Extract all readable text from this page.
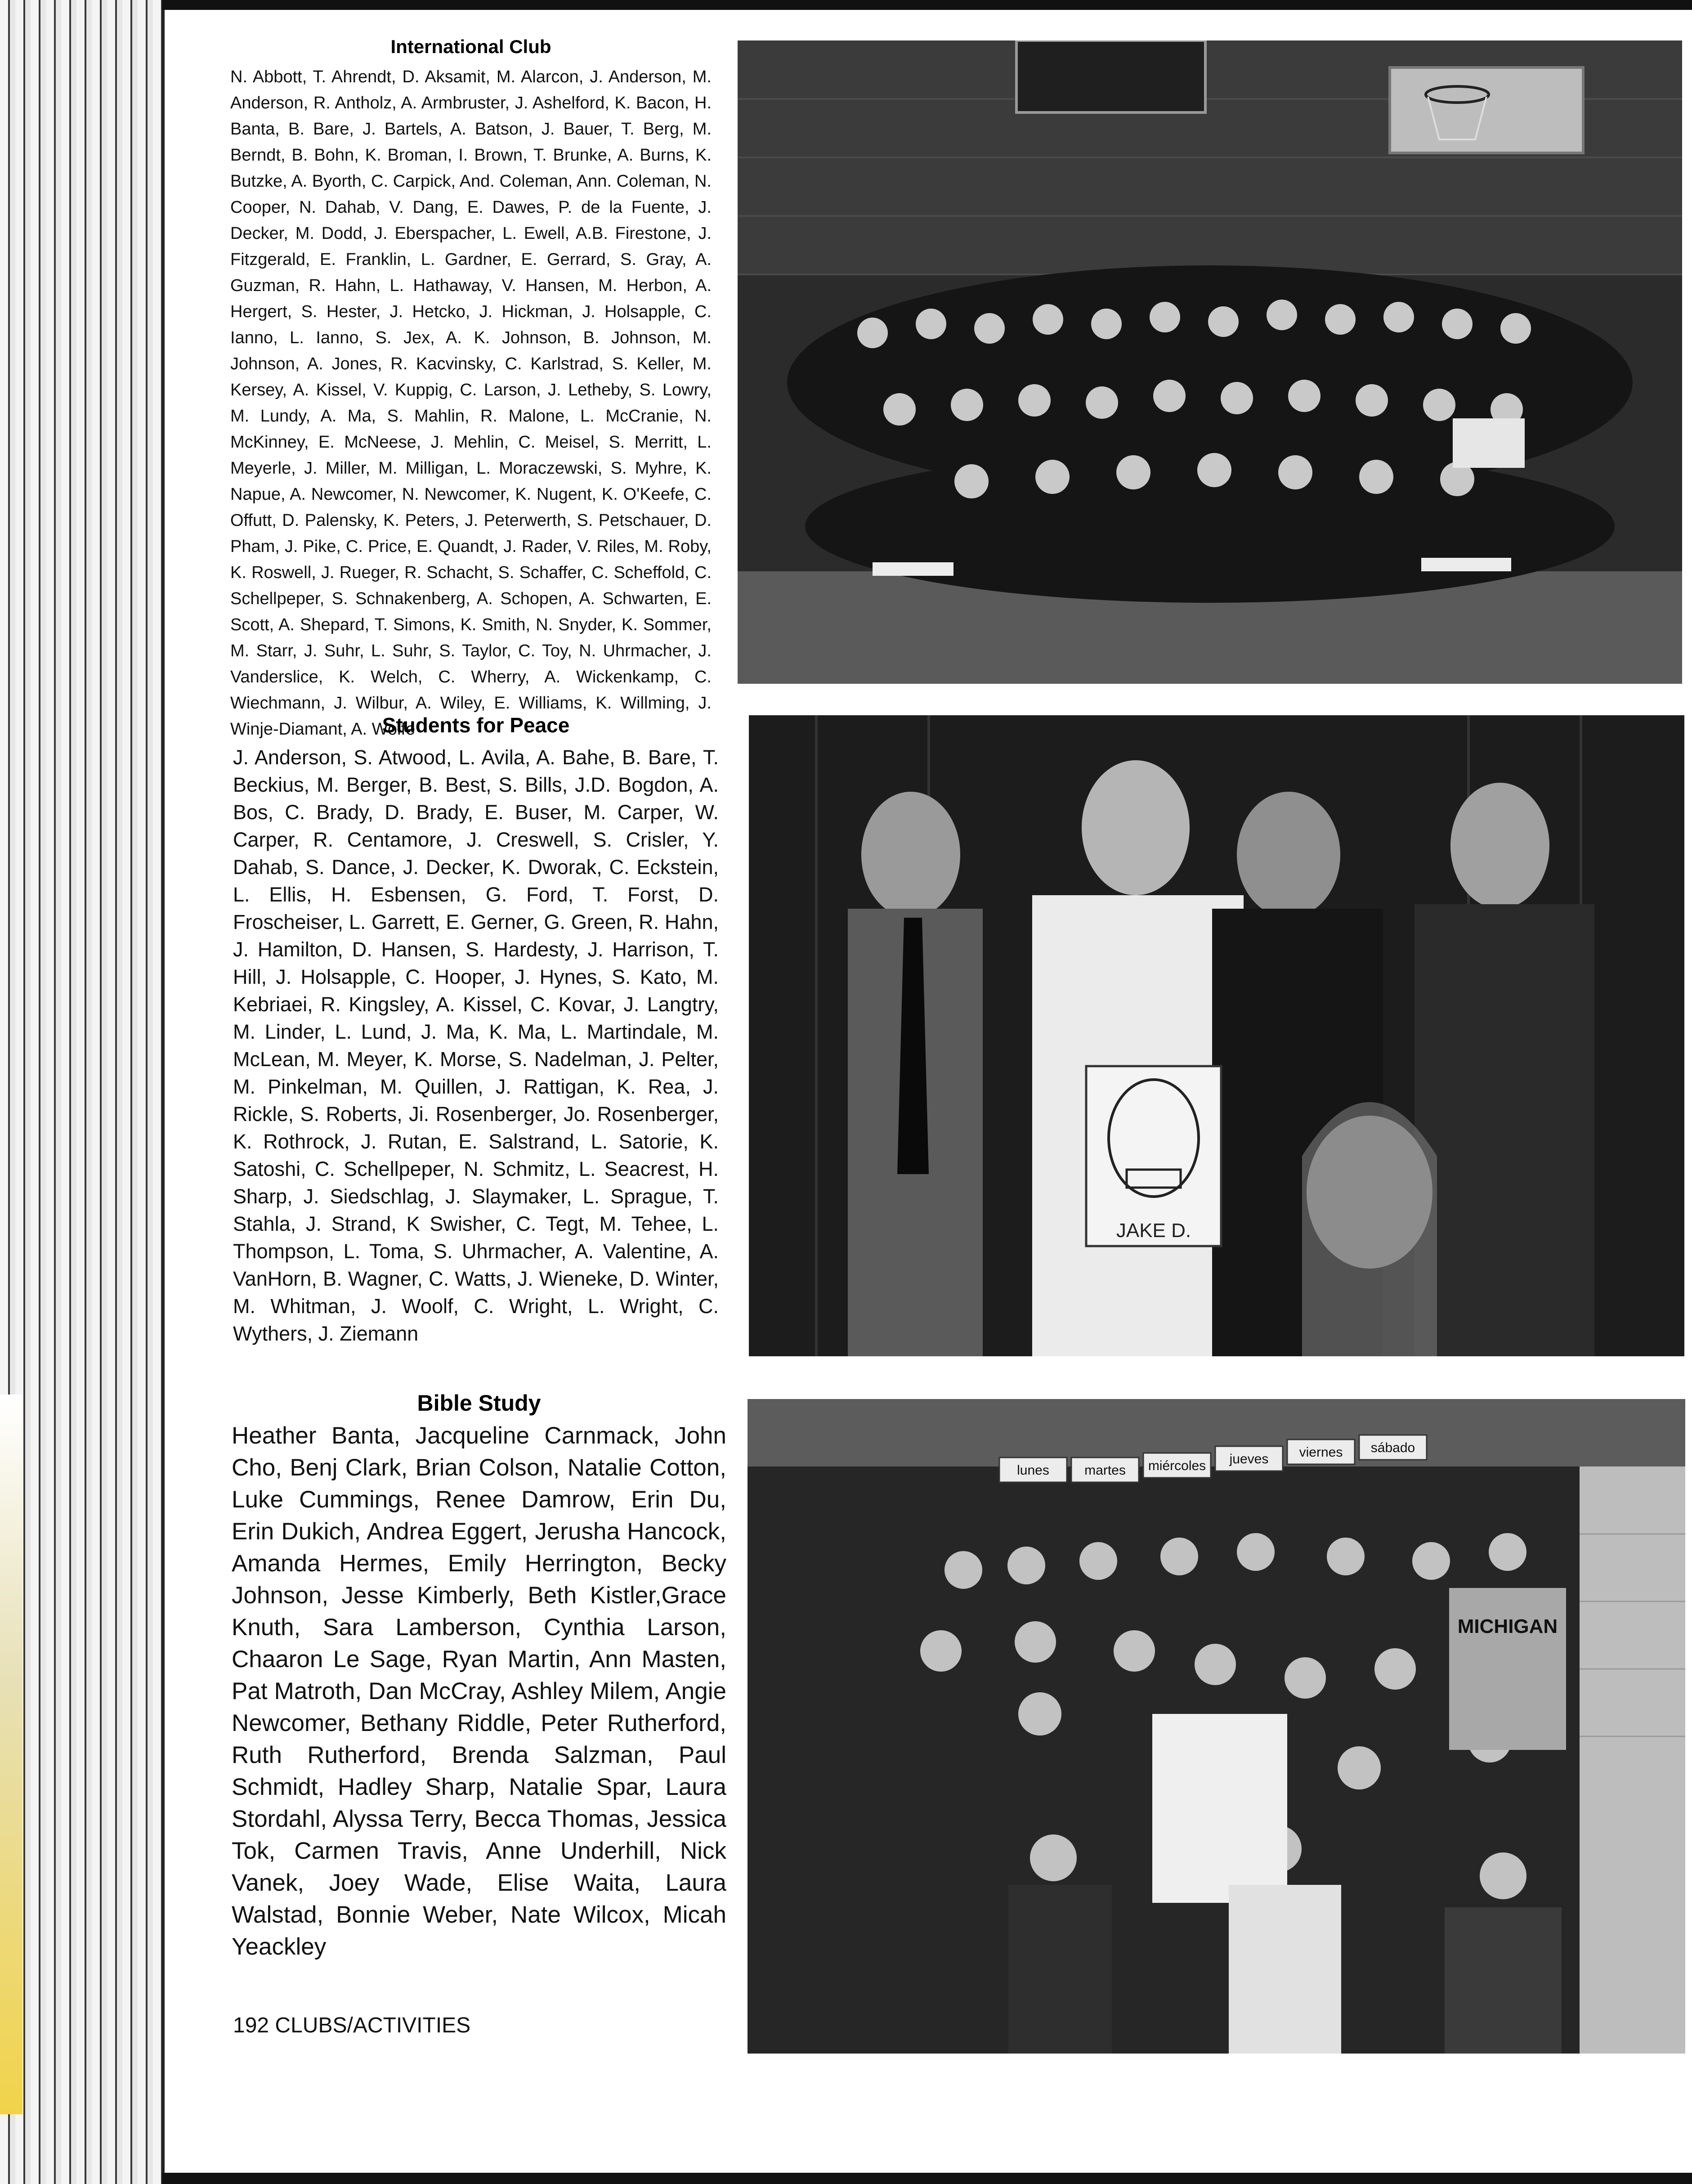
International Club
N. Abbott, T. Ahrendt, D. Aksamit, M. Alarcon, J. Anderson, M. Anderson, R. Antholz, A. Armbruster, J. Ashelford, K. Bacon, H. Banta, B. Bare, J. Bartels, A. Batson, J. Bauer, T. Berg, M. Berndt, B. Bohn, K. Broman, I. Brown, T. Brunke, A. Burns, K. Butzke, A. Byorth, C. Carpick, And. Coleman, Ann. Coleman, N. Cooper, N. Dahab, V. Dang, E. Dawes, P. de la Fuente, J. Decker, M. Dodd, J. Eberspacher, L. Ewell, A.B. Firestone, J. Fitzgerald, E. Franklin, L. Gardner, E. Gerrard, S. Gray, A. Guzman, R. Hahn, L. Hathaway, V. Hansen, M. Herbon, A. Hergert, S. Hester, J. Hetcko, J. Hickman, J. Holsapple, C. Ianno, L. Ianno, S. Jex, A. K. Johnson, B. Johnson, M. Johnson, A. Jones, R. Kacvinsky, C. Karlstrad, S. Keller, M. Kersey, A. Kissel, V. Kuppig, C. Larson, J. Letheby, S. Lowry, M. Lundy, A. Ma, S. Mahlin, R. Malone, L. McCranie, N. McKinney, E. McNeese, J. Mehlin, C. Meisel, S. Merritt, L. Meyerle, J. Miller, M. Milligan, L. Moraczewski, S. Myhre, K. Napue, A. Newcomer, N. Newcomer, K. Nugent, K. O'Keefe, C. Offutt, D. Palensky, K. Peters, J. Peterwerth, S. Petschauer, D. Pham, J. Pike, C. Price, E. Quandt, J. Rader, V. Riles, M. Roby, K. Roswell, J. Rueger, R. Schacht, S. Schaffer, C. Scheffold, C. Schellpeper, S. Schnakenberg, A. Schopen, A. Schwarten, E. Scott, A. Shepard, T. Simons, K. Smith, N. Snyder, K. Sommer, M. Starr, J. Suhr, L. Suhr, S. Taylor, C. Toy, N. Uhrmacher, J. Vanderslice, K. Welch, C. Wherry, A. Wickenkamp, C. Wiechmann, J. Wilbur, A. Wiley, E. Williams, K. Willming, J. Winje-Diamant, A. Wolfe
Students for Peace
J. Anderson, S. Atwood, L. Avila, A. Bahe, B. Bare, T. Beckius, M. Berger, B. Best, S. Bills, J.D. Bogdon, A. Bos, C. Brady, D. Brady, E. Buser, M. Carper, W. Carper, R. Centamore, J. Creswell, S. Crisler, Y. Dahab, S. Dance, J. Decker, K. Dworak, C. Eckstein, L. Ellis, H. Esbensen, G. Ford, T. Forst, D. Froscheiser, L. Garrett, E. Gerner, G. Green, R. Hahn, J. Hamilton, D. Hansen, S. Hardesty, J. Harrison, T. Hill, J. Holsapple, C. Hooper, J. Hynes, S. Kato, M. Kebriaei, R. Kingsley, A. Kissel, C. Kovar, J. Langtry, M. Linder, L. Lund, J. Ma, K. Ma, L. Martindale, M. McLean, M. Meyer, K. Morse, S. Nadelman, J. Pelter, M. Pinkelman, M. Quillen, J. Rattigan, K. Rea, J. Rickle, S. Roberts, Ji. Rosenberger, Jo. Rosenberger, K. Rothrock, J. Rutan, E. Salstrand, L. Satorie, K. Satoshi, C. Schellpeper, N. Schmitz, L. Seacrest, H. Sharp, J. Siedschlag, J. Slaymaker, L. Sprague, T. Stahla, J. Strand, K Swisher, C. Tegt, M. Tehee, L. Thompson, L. Toma, S. Uhrmacher, A. Valentine, A. VanHorn, B. Wagner, C. Watts, J. Wieneke, D. Winter, M. Whitman, J. Woolf, C. Wright, L. Wright, C. Wythers, J. Ziemann
JAKE D.
Bible Study
Heather Banta, Jacqueline Carnmack, John Cho, Benj Clark, Brian Colson, Natalie Cotton, Luke Cummings, Renee Damrow, Erin Du, Erin Dukich, Andrea Eggert, Jerusha Hancock, Amanda Hermes, Emily Herrington, Becky Johnson, Jesse Kimberly, Beth Kistler,Grace Knuth, Sara Lamberson, Cynthia Larson, Chaaron Le Sage, Ryan Martin, Ann Masten, Pat Matroth, Dan McCray, Ashley Milem, Angie Newcomer, Bethany Riddle, Peter Rutherford, Ruth Rutherford, Brenda Salzman, Paul Schmidt, Hadley Sharp, Natalie Spar, Laura Stordahl, Alyssa Terry, Becca Thomas, Jessica Tok, Carmen Travis, Anne Underhill, Nick Vanek, Joey Wade, Elise Waita, Laura Walstad, Bonnie Weber, Nate Wilcox, Micah Yeackley
lunes	martes miércoles jueves viernes sábado
MICHIGAN
192 CLUBS/ACTIVITIES
